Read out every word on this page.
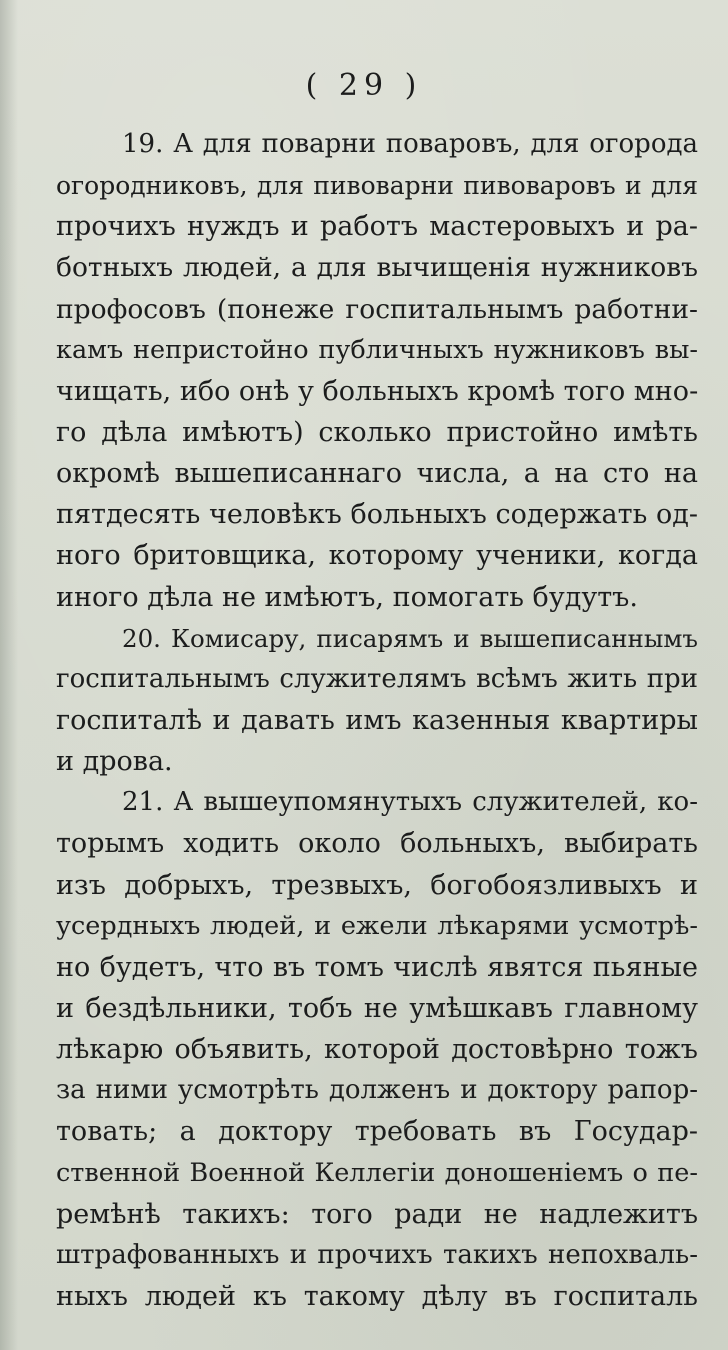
( 29 )
19. А для поварни поваровъ, для огорода
огородниковъ, для пивоварни пивоваровъ и для
прочихъ нуждъ и работъ мастеровыхъ и ра-
ботныхъ людей, а для вычищенія нужниковъ
профосовъ (понеже госпитальнымъ работни-
камъ непристойно публичныхъ нужниковъ вы-
чищать, ибо онѣ у больныхъ кромѣ того мно-
го дѣла имѣютъ) сколько пристойно имѣть
окромѣ вышеписаннаго числа, а на сто на
пятдесять человѣкъ больныхъ содержать од-
ного бритовщика, которому ученики, когда
иного дѣла не имѣютъ, помогать будутъ.
20. Комисару, писарямъ и вышеписаннымъ
госпитальнымъ служителямъ всѣмъ жить при
госпиталѣ и давать имъ казенныя квартиры
и дрова.
21. А вышеупомянутыхъ служителей, ко-
торымъ ходить около больныхъ, выбирать
изъ добрыхъ, трезвыхъ, богобоязливыхъ и
усердныхъ людей, и ежели лѣкарями усмотрѣ-
но будетъ, что въ томъ числѣ явятся пьяные
и бездѣльники, тобъ не умѣшкавъ главному
лѣкарю объявить, которой достовѣрно тожъ
за ними усмотрѣть долженъ и доктору рапор-
товать; а доктору требовать въ Государ-
ственной Военной Келлегіи доношеніемъ о пе-
ремѣнѣ такихъ: того ради не надлежитъ
штрафованныхъ и прочихъ такихъ непохваль-
ныхъ людей къ такому дѣлу въ госпиталь
